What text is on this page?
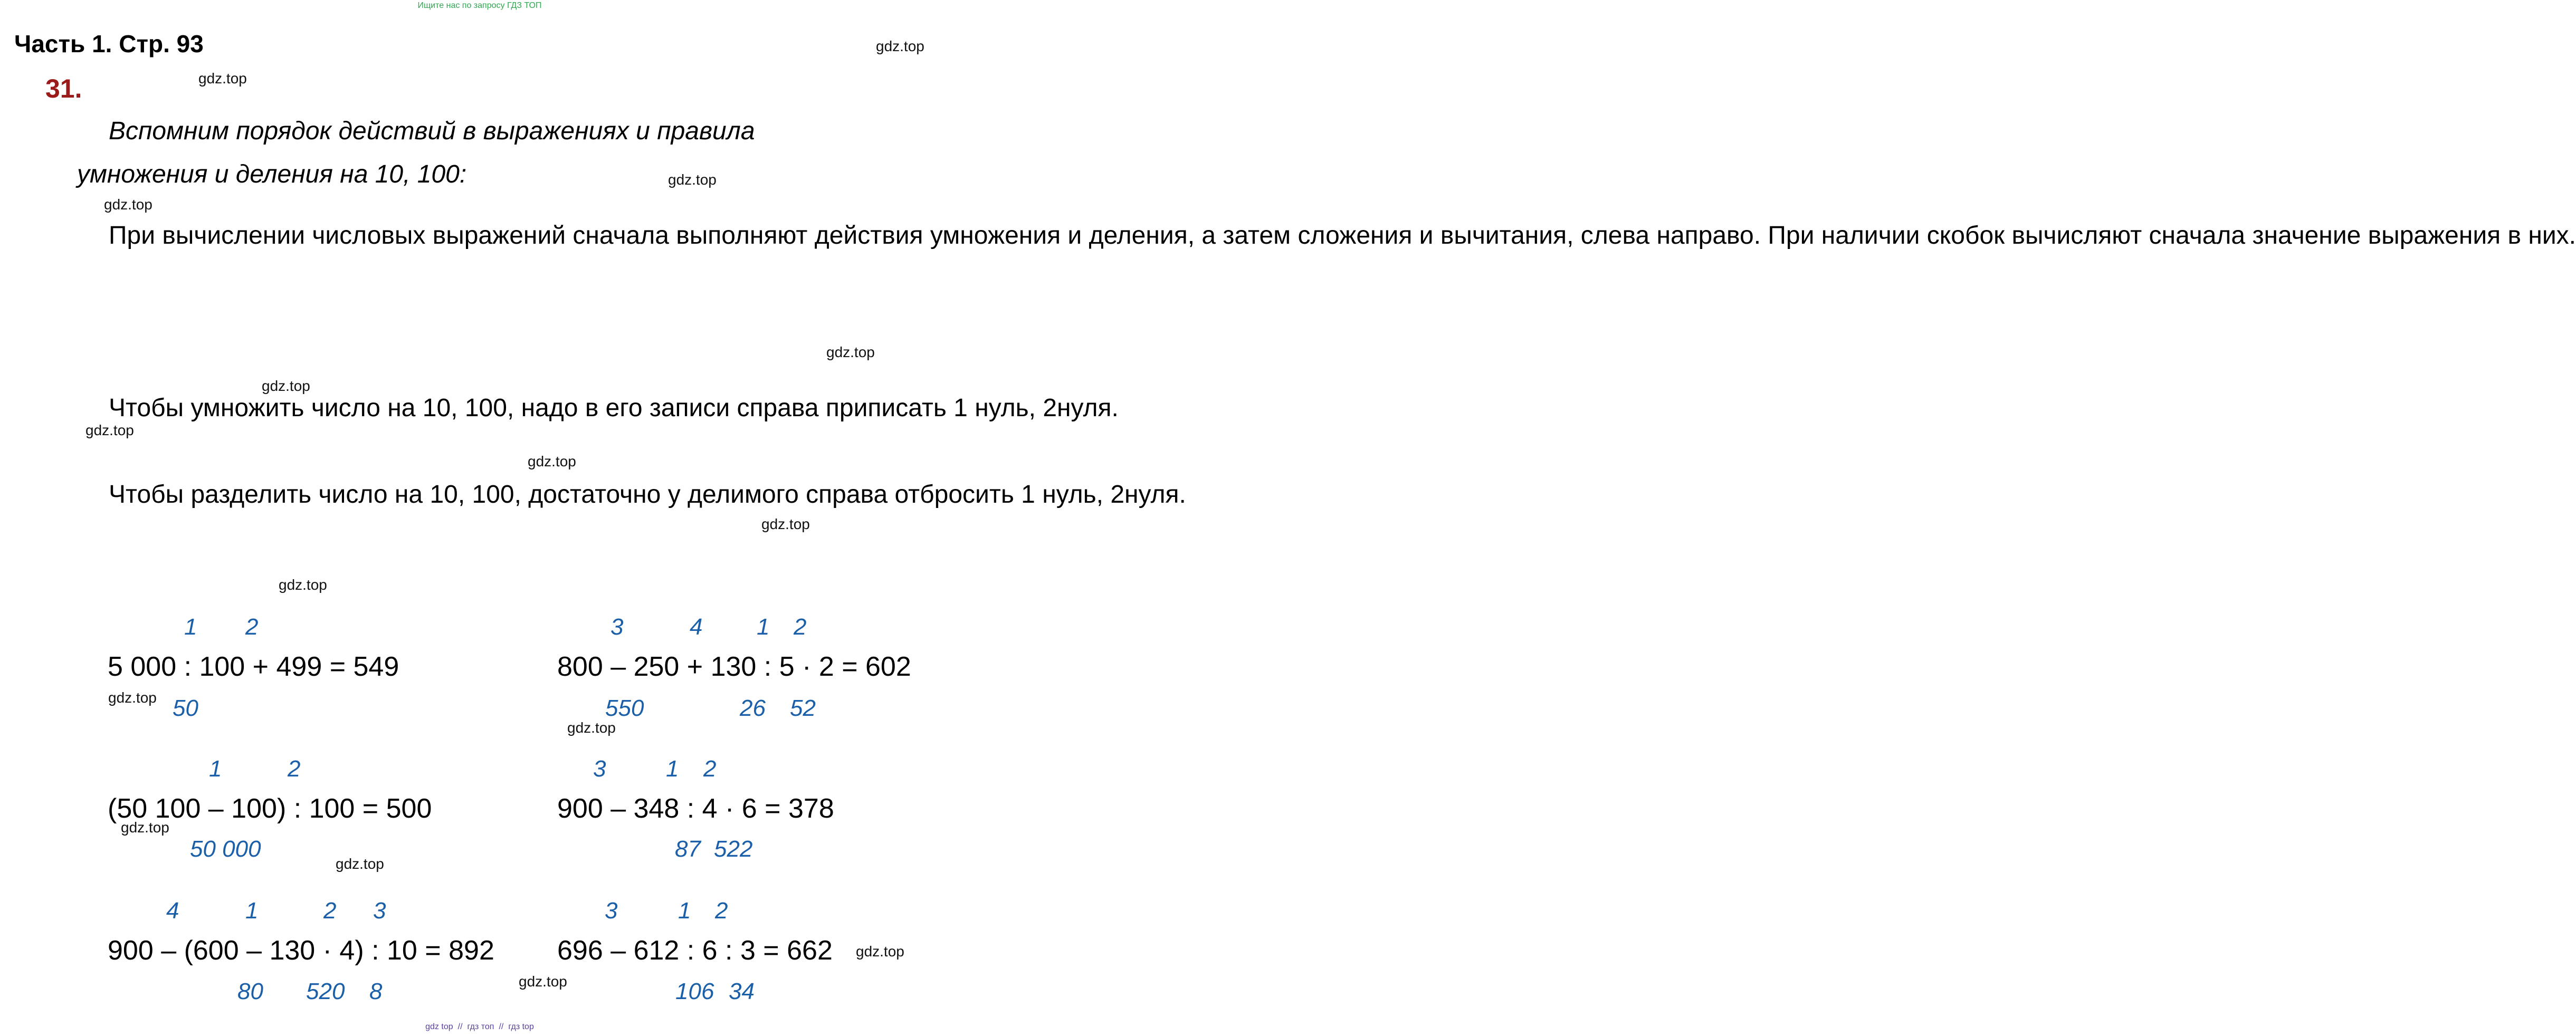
Ищите нас по запросу ГДЗ ТОП
Часть 1. Стр. 93
31.

Вспомним порядок действий в выражениях и правила

умножения и деления на 10, 100:

При вычислении числовых выражений сначала выполняют действия умножения и деления, а затем сложения и вычитания, слева направо. При наличии скобок вычисляют сначала значение выражения в них.

Чтобы умножить число на 10, 100, надо в его записи справа приписать 1 нуль, 2нуля.

Чтобы разделить число на 10, 100, достаточно у делимого справа отбросить 1 нуль, 2нуля.

1 2
5 000 : 100 + 499 = 549
50
3	4 1 2
800 – 250 + 130 : 5 · 2 = 602
550	26 52
1	2
(50 100 – 100) : 100 = 500
50 000
3	1 2
900 – 348 : 4 · 6 = 378
87 522
4	1	2 3
900 – (600 – 130 · 4) : 10 = 892
80 520 8
3	1 2
696 – 612 : 6 : 3 = 662
106 34
gdz.top
gdz.top
gdz.top
gdz.top
gdz.top
gdz.top
gdz.top
gdz.top
gdz.top
gdz.top
gdz.top
gdz.top
gdz.top
gdz.top
gdz.top
gdz.top
gdz top // гдз топ // гдз top
